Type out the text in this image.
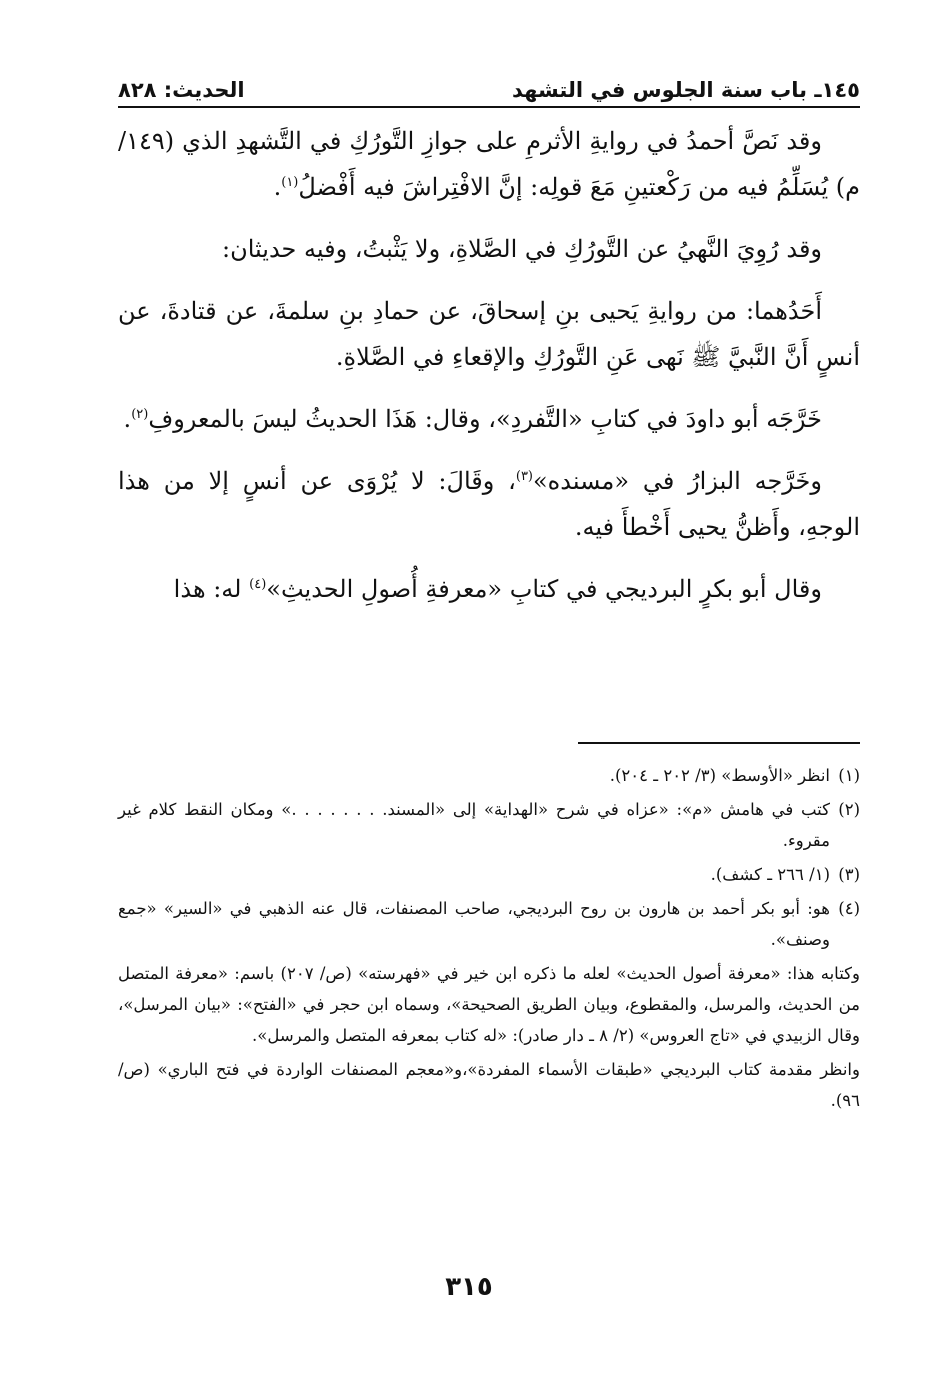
١٤٥ـ باب سنة الجلوس في التشهد
الحديث: ٨٢٨

وقد نَصَّ أحمدُ في روايةِ الأثرمِ على جوازِ التَّورُكِ في التَّشهدِ الذي (١٤٩/م) يُسَلِّمُ فيه من رَكْعتينِ مَعَ قولِه: إنَّ الافْتِراشَ فيه أَفْضلُ$^{(١)}$.

وقد رُوِيَ النَّهيُ عن التَّورُكِ في الصَّلاةِ، ولا يَثْبتُ، وفيه حديثان:

أَحَدُهما: من روايةِ يَحيى بنِ إسحاقَ، عن حمادِ بنِ سلمةَ، عن قتادةَ، عن أنسٍ أَنَّ النَّبيَّ ﷺ نَهى عَنِ التَّورُكِ والإقعاءِ في الصَّلاةِ.

خَرَّجَه أبو داودَ في كتابِ «التَّفردِ»، وقال: هَذَا الحديثُ ليسَ بالمعروفِ$^{(٢)}$.

وخَرَّجه البزارُ في «مسنده»$^{(٣)}$، وقَالَ: لا يُرْوَى عن أنسٍ إلا من هذا الوجهِ، وأَظنُّ يحيى أَخْطأَ فيه.

وقال أبو بكرٍ البرديجي في كتابِ «معرفةِ أُصولِ الحديثِ»$^{(٤)}$ له: هذا

(١)انظر «الأوسط» (٣/ ٢٠٢ ـ ٢٠٤).
(٢)كتب في هامش «م»: «عزاه في شرح «الهداية» إلى «المسند. . . . . . . .» ومكان النقط كلام غير مقروء.
(٣)(١/ ٢٦٦ ـ كشف).
(٤)هو: أبو بكر أحمد بن هارون بن روح البرديجي، صاحب المصنفات، قال عنه الذهبي في «السير» «جمع وصنف».
وكتابه هذا: «معرفة أصول الحديث» لعله ما ذكره ابن خير في «فهرسته» (ص/ ٢٠٧) باسم: «معرفة المتصل من الحديث، والمرسل، والمقطوع، وبيان الطريق الصحيحة»، وسماه ابن حجر في «الفتح»: «بيان المرسل»، وقال الزبيدي في «تاج العروس» (٢/ ٨ ـ دار صادر): «له كتاب بمعرفه المتصل والمرسل».
وانظر مقدمة كتاب البرديجي «طبقات الأسماء المفردة»،و«معجم المصنفات الواردة في فتح الباري» (ص/ ٩٦).
٣١٥
